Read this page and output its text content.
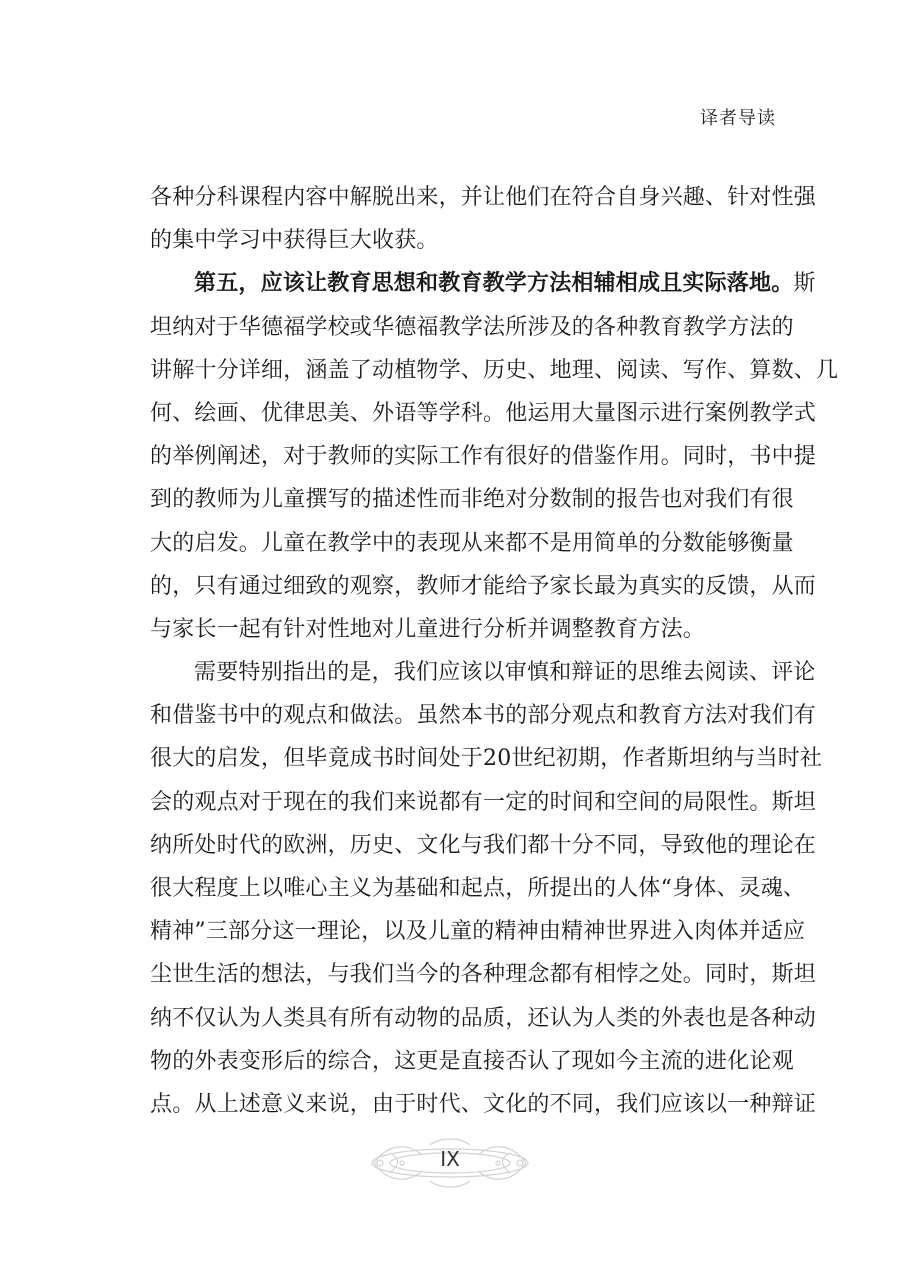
译者导读
各种分科课程内容中解脱出来，并让他们在符合自身兴趣、针对性强
的集中学习中获得巨大收获。
第五，应该让教育思想和教育教学方法相辅相成且实际落地。斯
坦纳对于华德福学校或华德福教学法所涉及的各种教育教学方法的
讲解十分详细，涵盖了动植物学、历史、地理、阅读、写作、算数、几
何、绘画、优律思美、外语等学科。他运用大量图示进行案例教学式
的举例阐述，对于教师的实际工作有很好的借鉴作用。同时，书中提
到的教师为儿童撰写的描述性而非绝对分数制的报告也对我们有很
大的启发。儿童在教学中的表现从来都不是用简单的分数能够衡量
的，只有通过细致的观察，教师才能给予家长最为真实的反馈，从而
与家长一起有针对性地对儿童进行分析并调整教育方法。
需要特别指出的是，我们应该以审慎和辩证的思维去阅读、评论
和借鉴书中的观点和做法。虽然本书的部分观点和教育方法对我们有
很大的启发，但毕竟成书时间处于20世纪初期，作者斯坦纳与当时社
会的观点对于现在的我们来说都有一定的时间和空间的局限性。斯坦
纳所处时代的欧洲，历史、文化与我们都十分不同，导致他的理论在
很大程度上以唯心主义为基础和起点，所提出的人体“身体、灵魂、
精神”三部分这一理论，以及儿童的精神由精神世界进入肉体并适应
尘世生活的想法，与我们当今的各种理念都有相悖之处。同时，斯坦
纳不仅认为人类具有所有动物的品质，还认为人类的外表也是各种动
物的外表变形后的综合，这更是直接否认了现如今主流的进化论观
点。从上述意义来说，由于时代、文化的不同，我们应该以一种辩证
IX
